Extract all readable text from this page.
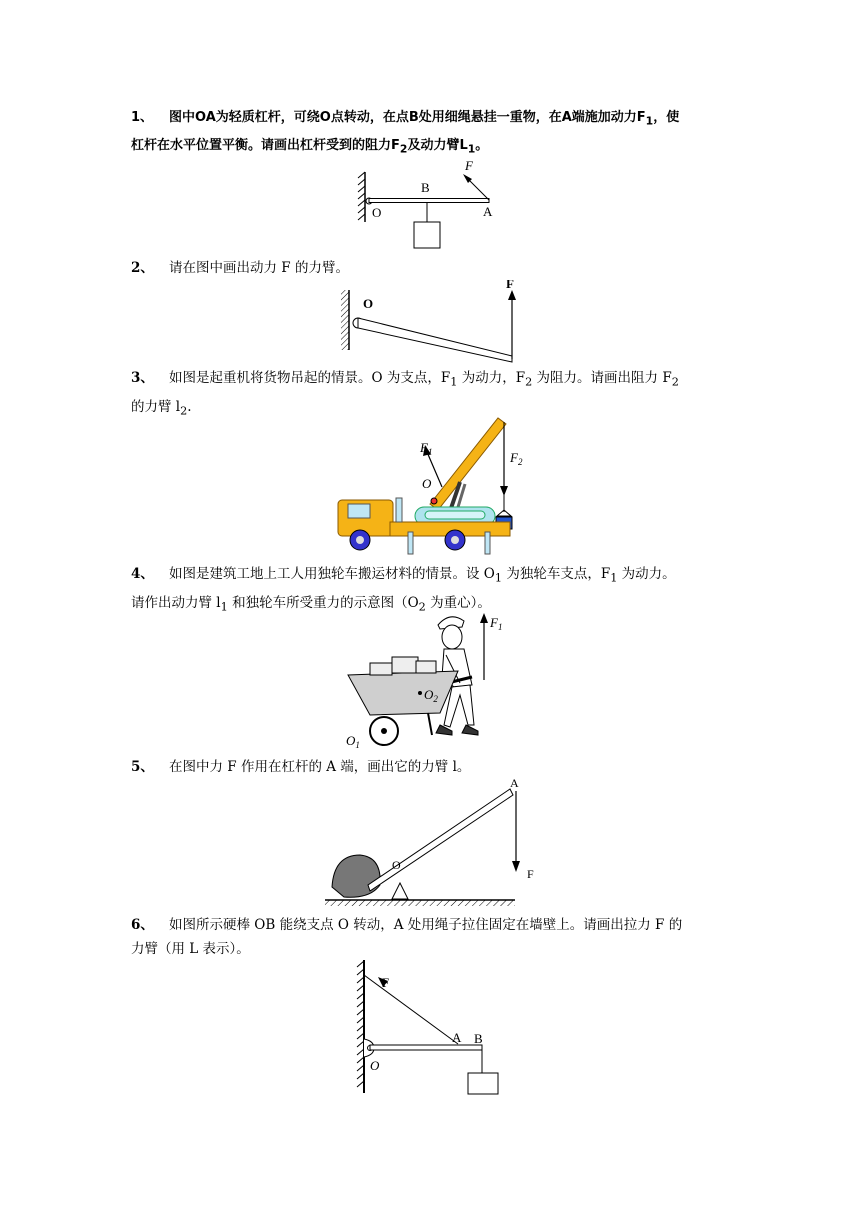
1、 图中OA为轻质杠杆，可绕O点转动，在点B处用细绳悬挂一重物，在A端施加动力$F_1$，使
杠杆在水平位置平衡。请画出杠杆受到的阻力$F_2$及动力臂$L_1$。
F
B
O	A
2、 请在图中画出动力 F 的力臂。
O
F
3、 如图是起重机将货物吊起的情景。O 为支点，$F_1$ 为动力，$F_2$ 为阻力。请画出阻力 $F_2$
的力臂 $l_2$.
$F_2$
$F_1$
O
4、 如图是建筑工地上工人用独轮车搬运材料的情景。设 $O_1$ 为独轮车支点，$F_1$ 为动力。
请作出动力臂 $l_1$ 和独轮车所受重力的示意图（$O_2$ 为重心）。
$F_1$
$O_2$
$O_1$
5、 在图中力 F 作用在杠杆的 A 端，画出它的力臂 l。
O
A
F
6、 如图所示硬棒 OB 能绕支点 O 转动，A 处用绳子拉住固定在墙壁上。请画出拉力 F 的
力臂（用 L 表示）。
F
A B
O
